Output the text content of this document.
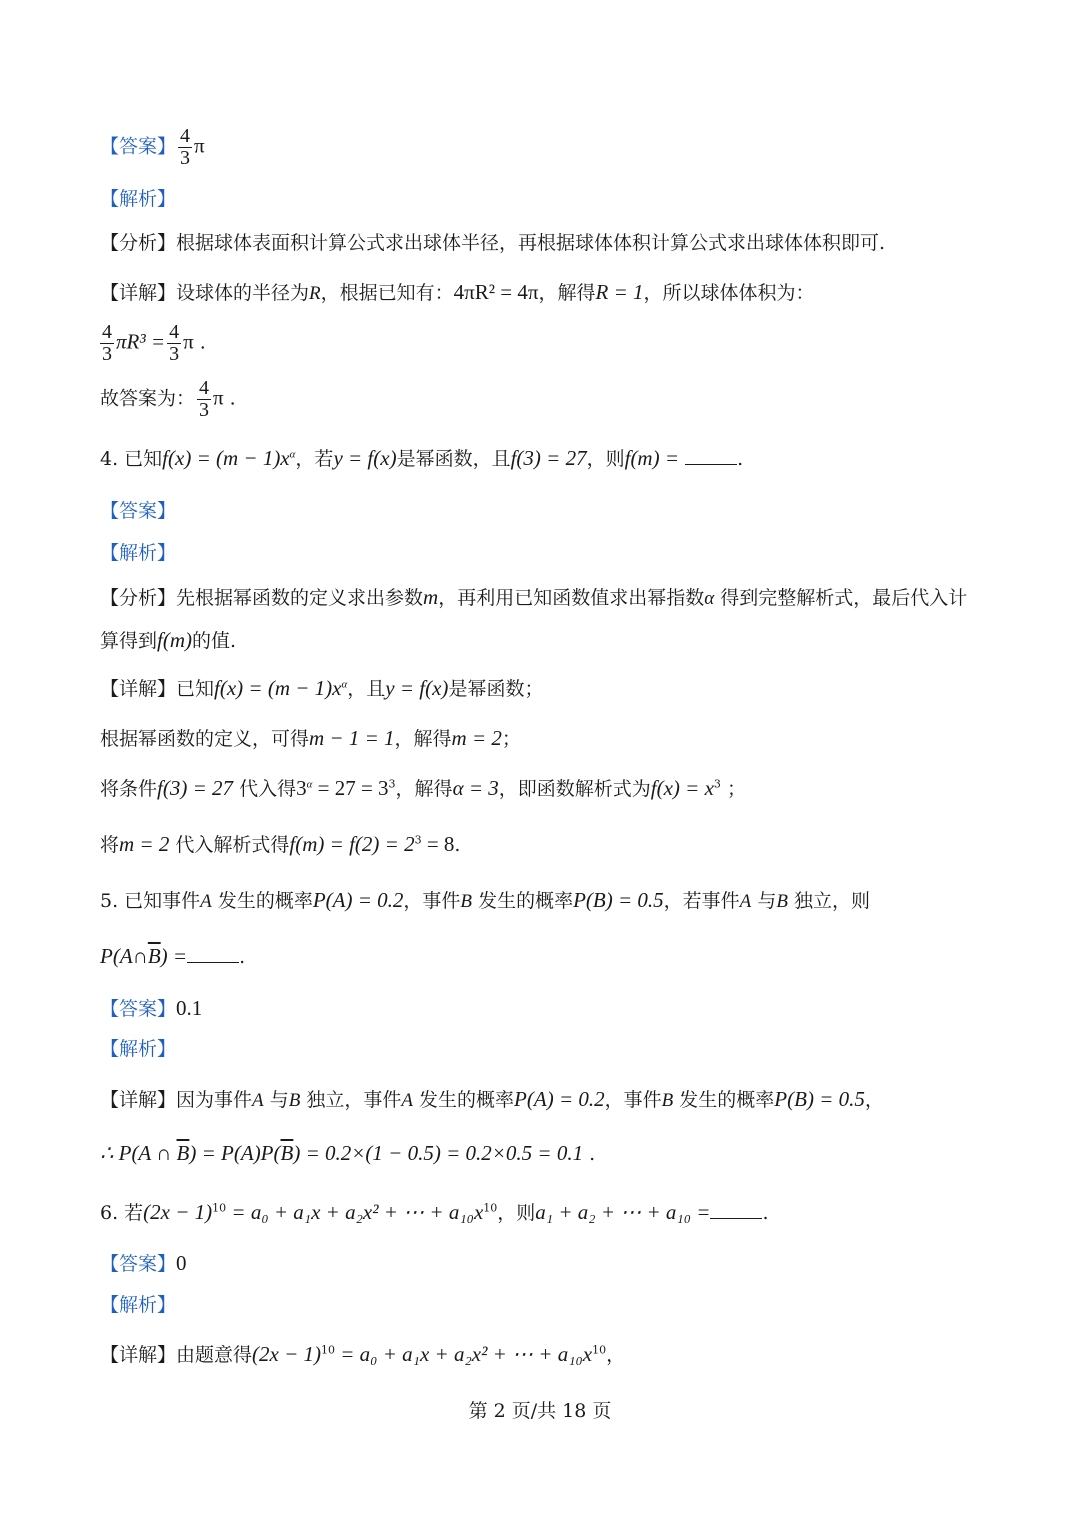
【答案】 $\frac{4}{3}$ π
【解析】
【分析】根据球体表面积计算公式求出球体半径，再根据球体体积计算公式求出球体体积即可.
【详解】设球体的半径为R，根据已知有：4πR² = 4π，解得R = 1，所以球体体积为：
$\frac{4}{3} \pi R^3 = \frac{4}{3}$ π .
故答案为： $\frac{4}{3}$ π .
4. 已知$f(x) = (m - 1)x^\alpha$，若y = f(x)是幂函数，且f(3) = 27，则f(m) =	.
【答案】
【解析】
【分析】先根据幂函数的定义求出参数m，再利用已知函数值求出幂指数α 得到完整解析式，最后代入计
算得到f(m)的值.
【详解】已知$f(x) = (m - 1)x^\alpha$，且y = f(x)是幂函数；
根据幂函数的定义，可得m − 1 = 1，解得m = 2；
将条件f(3) = 27 代入得$3^\alpha = 27 = 3^3$，解得α = 3，即函数解析式为$f(x) = x^3$ ；
将m = 2 代入解析式得$f(m) = f(2) = 2^3 = 8$.
5. 已知事件A 发生的概率P(A) = 0.2，事件B 发生的概率P(B) = 0.5，若事件A 与B 独立，则
$P(A\cap\overline{B})$ =	.
【答案】0.1
【解析】
【详解】因为事件A 与B 独立，事件A 发生的概率P(A) = 0.2，事件B 发生的概率P(B) = 0.5，
∴ P(A ∩ $\overline{B}) = P(A)P(\overline{B}) = 0.2\times(1 - 0.5) = 0.2\times 0.5 = 0.1$ .
6. 若$(2x - 1)^{10} = a_0 + a_1x + a_2x^2$ + ⋯ + $a_{10}x^{10}$，则a₁ + a₂ + ⋯ + a₁₀ =	.
【答案】0
【解析】
【详解】由题意得$(2x - 1)^{10} = a_0 + a_1x + a_2x^2$ + ⋯ + $a_{10}x^{10}$，
第 2 页/共 18 页
